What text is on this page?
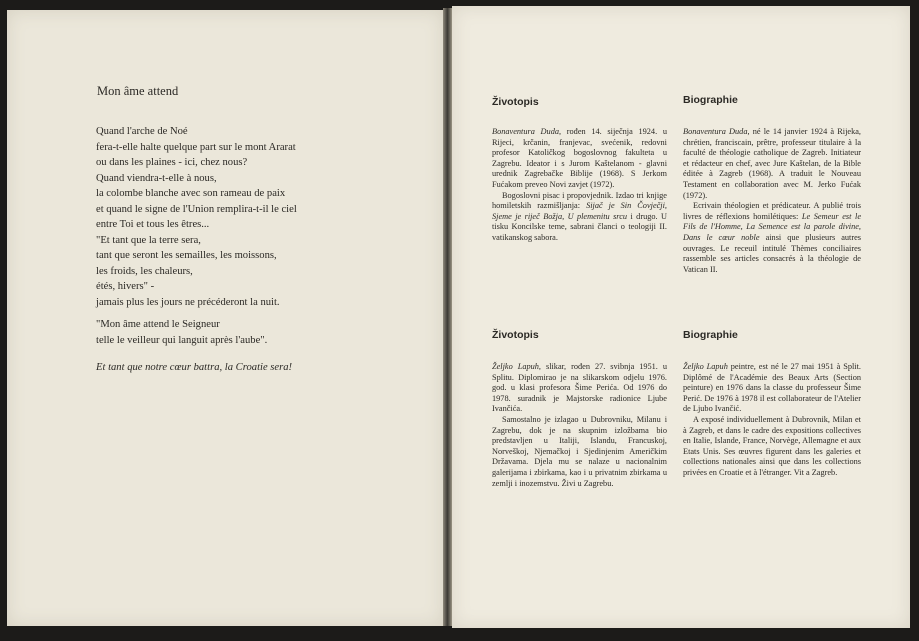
Mon âme attend
Quand l'arche de Noé
fera-t-elle halte quelque part sur le mont Ararat
ou dans les plaines - ici, chez nous?
Quand viendra-t-elle à nous,
la colombe blanche avec son rameau de paix
et quand le signe de l'Union remplira-t-il le ciel
entre Toi et tous les êtres...
"Et tant que la terre sera,
tant que seront les semailles, les moissons,
les froids, les chaleurs,
étés, hivers" -
jamais plus les jours ne précéderont la nuit.
"Mon âme attend le Seigneur
telle le veilleur qui languit après l'aube".
Et tant que notre cœur battra, la Croatie sera!
Životopis	Biographie

Bonaventura Duda, rođen 14. siječnja 1924. u Rijeci, krčanin, franjevac, svećenik, redovni profesor Katoličkog bogoslovnog fakulteta u Zagrebu. Ideator i s Jurom Kaštelanom - glavni urednik Zagrebačke Biblije (1968). S Jerkom Fućakom preveo Novi zavjet (1972).

Bogoslovni pisac i propovjednik. Izdao tri knjige homiletskih razmišljanja: Sijač je Sin Čovječji, Sjeme je riječ Božja, U plemenitu srcu i drugo. U tisku Koncilske teme, sabrani članci o teologiji II. vatikanskog sabora.

Bonaventura Duda, né le 14 janvier 1924 à Rijeka, chrétien, franciscain, prêtre, professeur titulaire à la faculté de théologie catholique de Zagreb. Initiateur et rédacteur en chef, avec Jure Kaštelan, de la Bible éditée à Zagreb (1968). A traduit le Nouveau Testament en collaboration avec M. Jerko Fućak (1972).

Ecrivain théologien et prédicateur. A publié trois livres de réflexions homilétiques: Le Semeur est le Fils de l'Homme, La Semence est la parole divine, Dans le cœur noble ainsi que plusieurs autres ouvrages. Le receuil intitulé Thèmes conciliaires rassemble ses articles consacrés à la théologie de Vatican II.

Životopis	Biographie

Željko Lapuh, slikar, rođen 27. svibnja 1951. u Splitu. Diplomirao je na slikarskom odjelu 1976. god. u klasi profesora Šime Perića. Od 1976 do 1978. suradnik je Majstorske radionice Ljube Ivančića.

Samostalno je izlagao u Dubrovniku, Milanu i Zagrebu, dok je na skupnim izložbama bio predstavljen u Italiji, Islandu, Francuskoj, Norveškoj, Njemačkoj i Sjedinjenim Američkim Državama. Djela mu se nalaze u nacionalnim galerijama i zbirkama, kao i u privatnim zbirkama u zemlji i inozemstvu. Živi u Zagrebu.

Željko Lapuh peintre, est né le 27 mai 1951 à Split. Diplômé de l'Académie des Beaux Arts (Section peinture) en 1976 dans la classe du professeur Šime Perić. De 1976 à 1978 il est collaborateur de l'Atelier de Ljubo Ivančić.

A exposé individuellement à Dubrovnik, Milan et à Zagreb, et dans le cadre des expositions collectives en Italie, Islande, France, Norvège, Allemagne et aux Etats Unis. Ses œuvres figurent dans les galeries et collections nationales ainsi que dans les collections privées en Croatie et à l'étranger. Vit a Zagreb.
